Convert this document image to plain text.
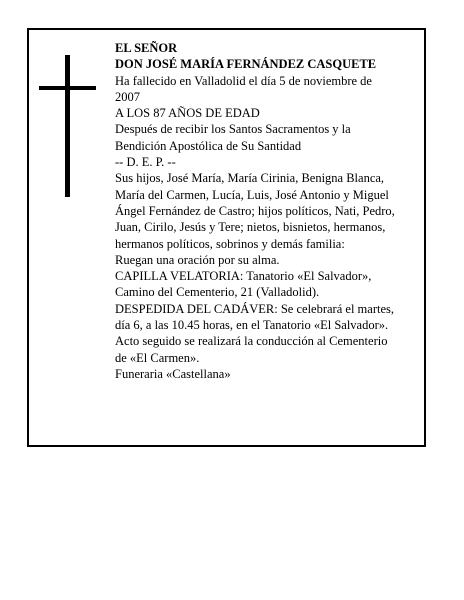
EL SEÑOR
DON JOSÉ MARÍA FERNÁNDEZ CASQUETE
Ha fallecido en Valladolid el día 5 de noviembre de
2007
A LOS 87 AÑOS DE EDAD
Después de recibir los Santos Sacramentos y la
Bendición Apostólica de Su Santidad
-- D. E. P. --
Sus hijos, José María, María Cirinia, Benigna Blanca,
María del Carmen, Lucía, Luis, José Antonio y Miguel
Ángel Fernández de Castro; hijos políticos, Nati, Pedro,
Juan, Cirilo, Jesús y Tere; nietos, bisnietos, hermanos,
hermanos políticos, sobrinos y demás familia:
Ruegan una oración por su alma.
CAPILLA VELATORIA: Tanatorio «El Salvador»,
Camino del Cementerio, 21 (Valladolid).
DESPEDIDA DEL CADÁVER: Se celebrará el martes,
día 6, a las 10.45 horas, en el Tanatorio «El Salvador».
Acto seguido se realizará la conducción al Cementerio
de «El Carmen».
Funeraria «Castellana»
